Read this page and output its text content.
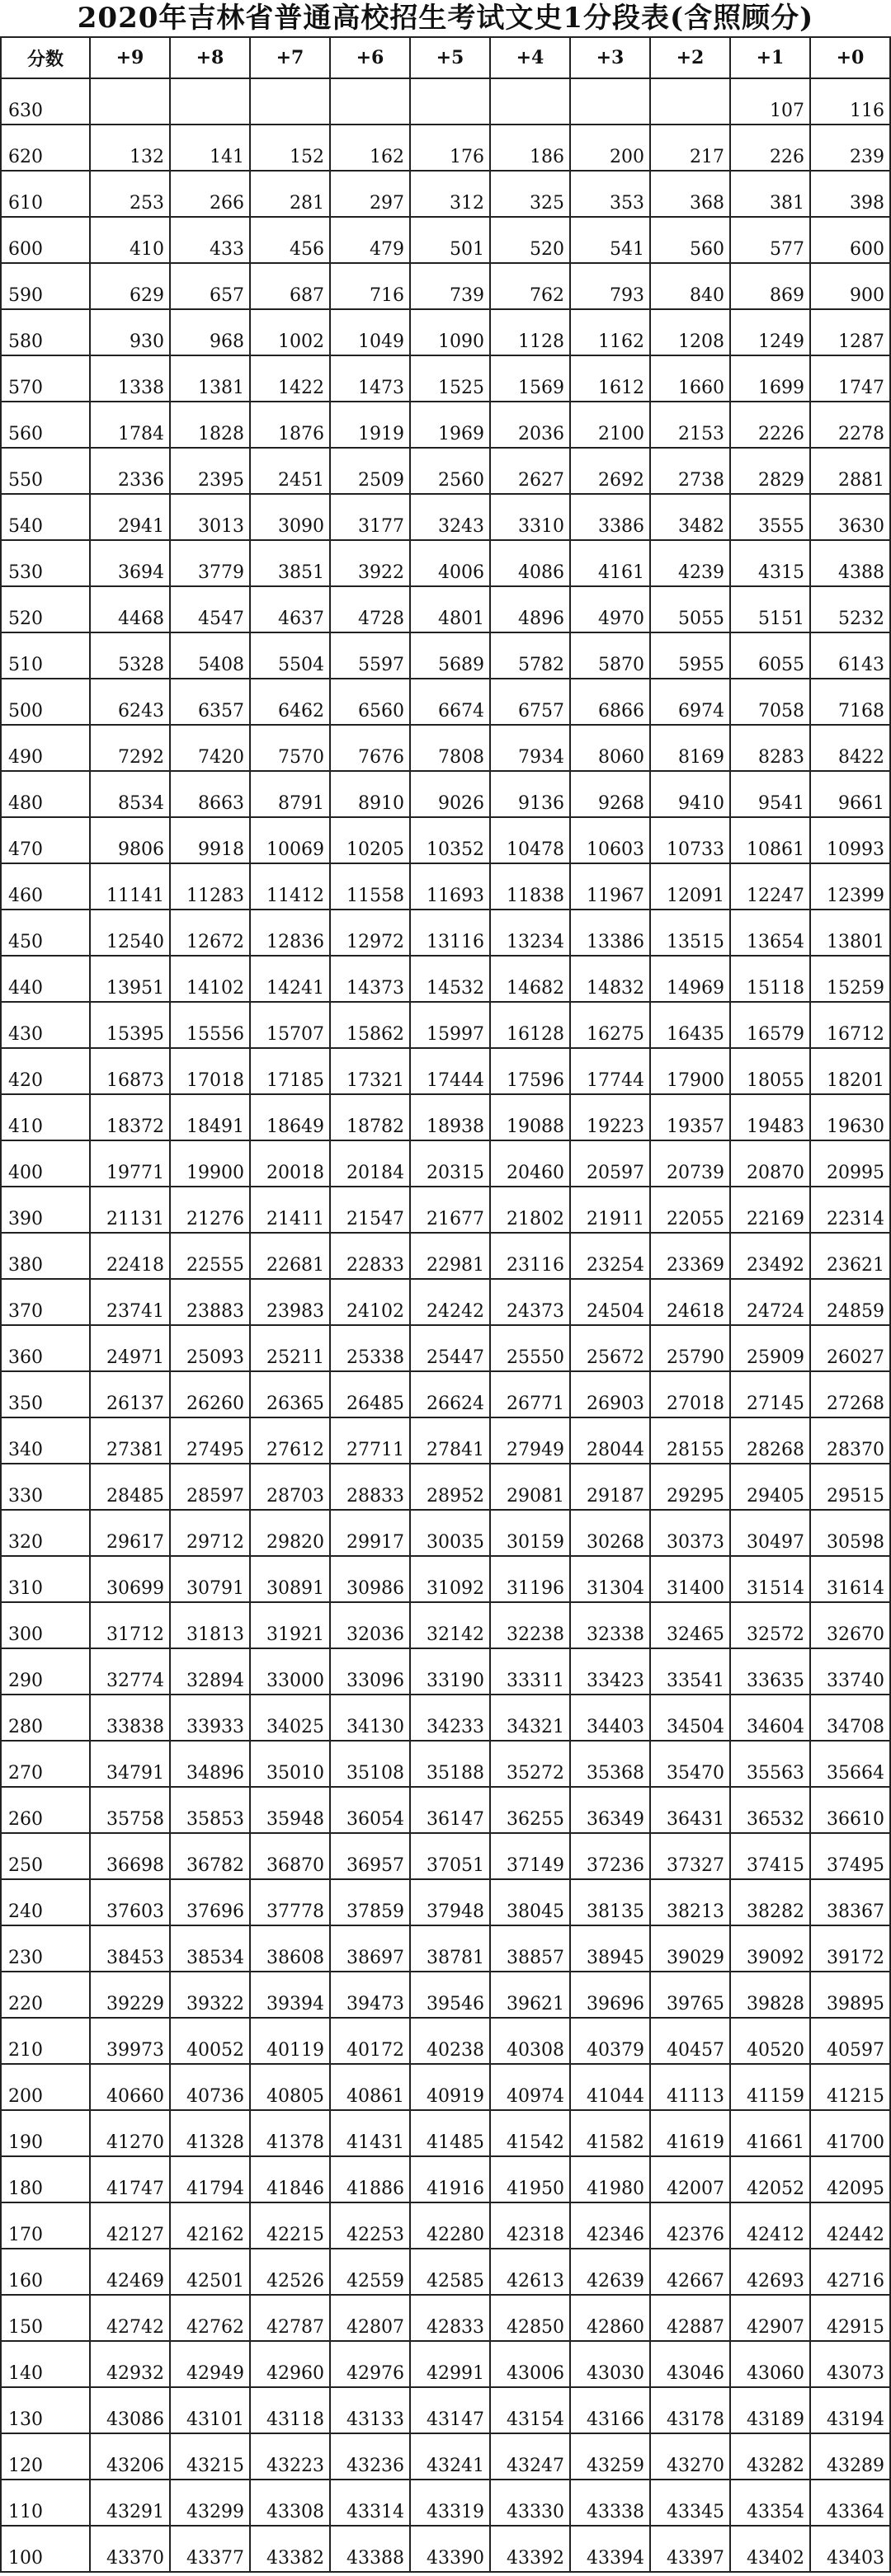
2020年吉林省普通高校招生考试文史1分段表(含照顾分)
分数	+9	+8	+7	+6	+5	+4	+3	+2	+1	+0
630									107	116
620	132	141	152	162	176	186	200	217	226	239
610	253	266	281	297	312	325	353	368	381	398
600	410	433	456	479	501	520	541	560	577	600
590	629	657	687	716	739	762	793	840	869	900
580	930	968	1002	1049	1090	1128	1162	1208	1249	1287
570	1338	1381	1422	1473	1525	1569	1612	1660	1699	1747
560	1784	1828	1876	1919	1969	2036	2100	2153	2226	2278
550	2336	2395	2451	2509	2560	2627	2692	2738	2829	2881
540	2941	3013	3090	3177	3243	3310	3386	3482	3555	3630
530	3694	3779	3851	3922	4006	4086	4161	4239	4315	4388
520	4468	4547	4637	4728	4801	4896	4970	5055	5151	5232
510	5328	5408	5504	5597	5689	5782	5870	5955	6055	6143
500	6243	6357	6462	6560	6674	6757	6866	6974	7058	7168
490	7292	7420	7570	7676	7808	7934	8060	8169	8283	8422
480	8534	8663	8791	8910	9026	9136	9268	9410	9541	9661
470	9806	9918	10069	10205	10352	10478	10603	10733	10861	10993
460	11141	11283	11412	11558	11693	11838	11967	12091	12247	12399
450	12540	12672	12836	12972	13116	13234	13386	13515	13654	13801
440	13951	14102	14241	14373	14532	14682	14832	14969	15118	15259
430	15395	15556	15707	15862	15997	16128	16275	16435	16579	16712
420	16873	17018	17185	17321	17444	17596	17744	17900	18055	18201
410	18372	18491	18649	18782	18938	19088	19223	19357	19483	19630
400	19771	19900	20018	20184	20315	20460	20597	20739	20870	20995
390	21131	21276	21411	21547	21677	21802	21911	22055	22169	22314
380	22418	22555	22681	22833	22981	23116	23254	23369	23492	23621
370	23741	23883	23983	24102	24242	24373	24504	24618	24724	24859
360	24971	25093	25211	25338	25447	25550	25672	25790	25909	26027
350	26137	26260	26365	26485	26624	26771	26903	27018	27145	27268
340	27381	27495	27612	27711	27841	27949	28044	28155	28268	28370
330	28485	28597	28703	28833	28952	29081	29187	29295	29405	29515
320	29617	29712	29820	29917	30035	30159	30268	30373	30497	30598
310	30699	30791	30891	30986	31092	31196	31304	31400	31514	31614
300	31712	31813	31921	32036	32142	32238	32338	32465	32572	32670
290	32774	32894	33000	33096	33190	33311	33423	33541	33635	33740
280	33838	33933	34025	34130	34233	34321	34403	34504	34604	34708
270	34791	34896	35010	35108	35188	35272	35368	35470	35563	35664
260	35758	35853	35948	36054	36147	36255	36349	36431	36532	36610
250	36698	36782	36870	36957	37051	37149	37236	37327	37415	37495
240	37603	37696	37778	37859	37948	38045	38135	38213	38282	38367
230	38453	38534	38608	38697	38781	38857	38945	39029	39092	39172
220	39229	39322	39394	39473	39546	39621	39696	39765	39828	39895
210	39973	40052	40119	40172	40238	40308	40379	40457	40520	40597
200	40660	40736	40805	40861	40919	40974	41044	41113	41159	41215
190	41270	41328	41378	41431	41485	41542	41582	41619	41661	41700
180	41747	41794	41846	41886	41916	41950	41980	42007	42052	42095
170	42127	42162	42215	42253	42280	42318	42346	42376	42412	42442
160	42469	42501	42526	42559	42585	42613	42639	42667	42693	42716
150	42742	42762	42787	42807	42833	42850	42860	42887	42907	42915
140	42932	42949	42960	42976	42991	43006	43030	43046	43060	43073
130	43086	43101	43118	43133	43147	43154	43166	43178	43189	43194
120	43206	43215	43223	43236	43241	43247	43259	43270	43282	43289
110	43291	43299	43308	43314	43319	43330	43338	43345	43354	43364
100	43370	43377	43382	43388	43390	43392	43394	43397	43402	43403
